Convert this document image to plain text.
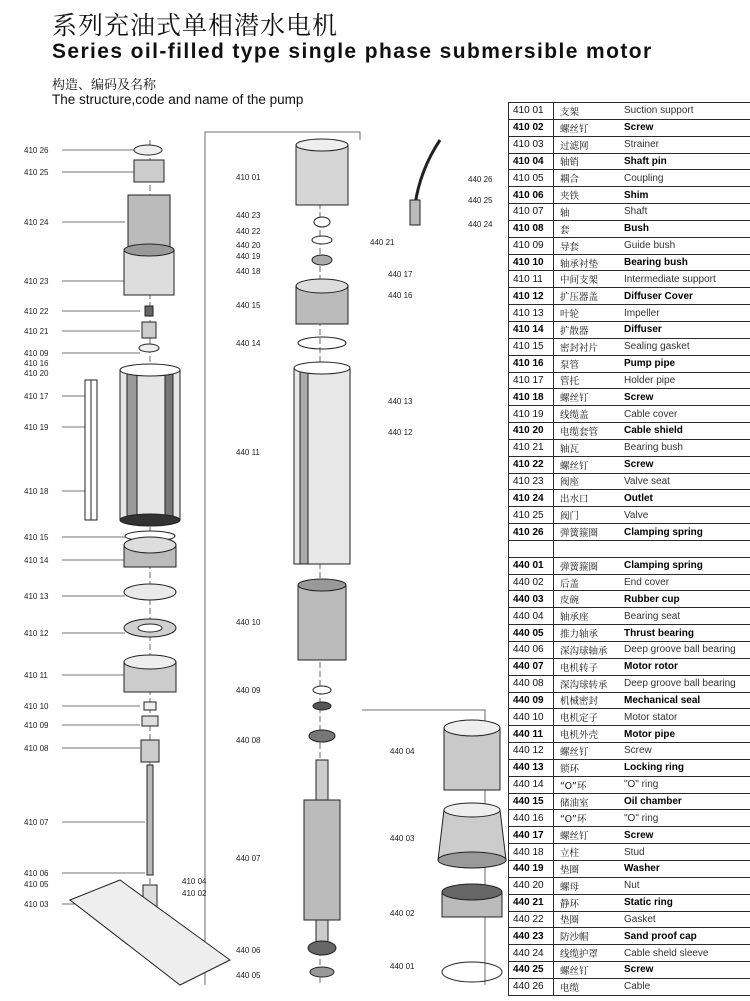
系列充油式单相潜水电机
Series oil-filled type single phase submersible motor
构造、编码及名称
The structure,code and name of the pump
410 26
410 25
410 24
410 23
410 22
410 21
410 09
410 16
410 20
410 17
410 19
410 18
410 15
410 14
410 13
410 12
410 11
410 10
410 09
410 08
410 07
410 06
410 05
410 03
410 04
410 02
410 01
440 23
440 22
440 20
440 19
440 18
440 21
440 17
440 16
440 15
440 14
440 13
440 12
440 11
440 10
440 09
440 08
440 07
440 06
440 05
440 26
440 25
440 24
440 04
440 03
440 02
440 01
410 01	支架	Suction support
410 02	螺丝钉	Screw
410 03	过滤网	Strainer
410 04	轴销	Shaft pin
410 05	耦合	Coupling
410 06	夹铁	Shim
410 07	轴	Shaft
410 08	套	Bush
410 09	导套	Guide bush
410 10	轴承衬垫	Bearing bush
410 11	中间支架	Intermediate support
410 12	扩压器盖	Diffuser Cover
410 13	叶轮	Impeller
410 14	扩散器	Diffuser
410 15	密封衬片	Sealing gasket
410 16	泵管	Pump pipe
410 17	管托	Holder pipe
410 18	螺丝钉	Screw
410 19	线缆盖	Cable cover
410 20	电缆套管	Cable shield
410 21	轴瓦	Bearing bush
410 22	螺丝钉	Screw
410 23	阀座	Valve seat
410 24	出水口	Outlet
410 25	阀门	Valve
410 26	弹簧箍圈	Clamping spring

440 01	弹簧箍圈	Clamping spring
440 02	后盖	End cover
440 03	皮碗	Rubber cup
440 04	轴承座	Bearing seat
440 05	推力轴承	Thrust bearing
440 06	深沟球轴承	Deep groove ball bearing
440 07	电机转子	Motor rotor
440 08	深沟球转承	Deep groove ball bearing
440 09	机械密封	Mechanical seal
440 10	电机定子	Motor stator
440 11	电机外壳	Motor pipe
440 12	螺丝钉	Screw
440 13	锁环	Locking ring
440 14	“O”环	"O" ring
440 15	储油室	Oil chamber
440 16	“O”环	"O" ring
440 17	螺丝钉	Screw
440 18	立柱	Stud
440 19	垫圈	Washer
440 20	螺母	Nut
440 21	静环	Static ring
440 22	垫圈	Gasket
440 23	防沙帽	Sand proof cap
440 24	线缆护罩	Cable sheld sleeve
440 25	螺丝钉	Screw
440 26	电缆	Cable
